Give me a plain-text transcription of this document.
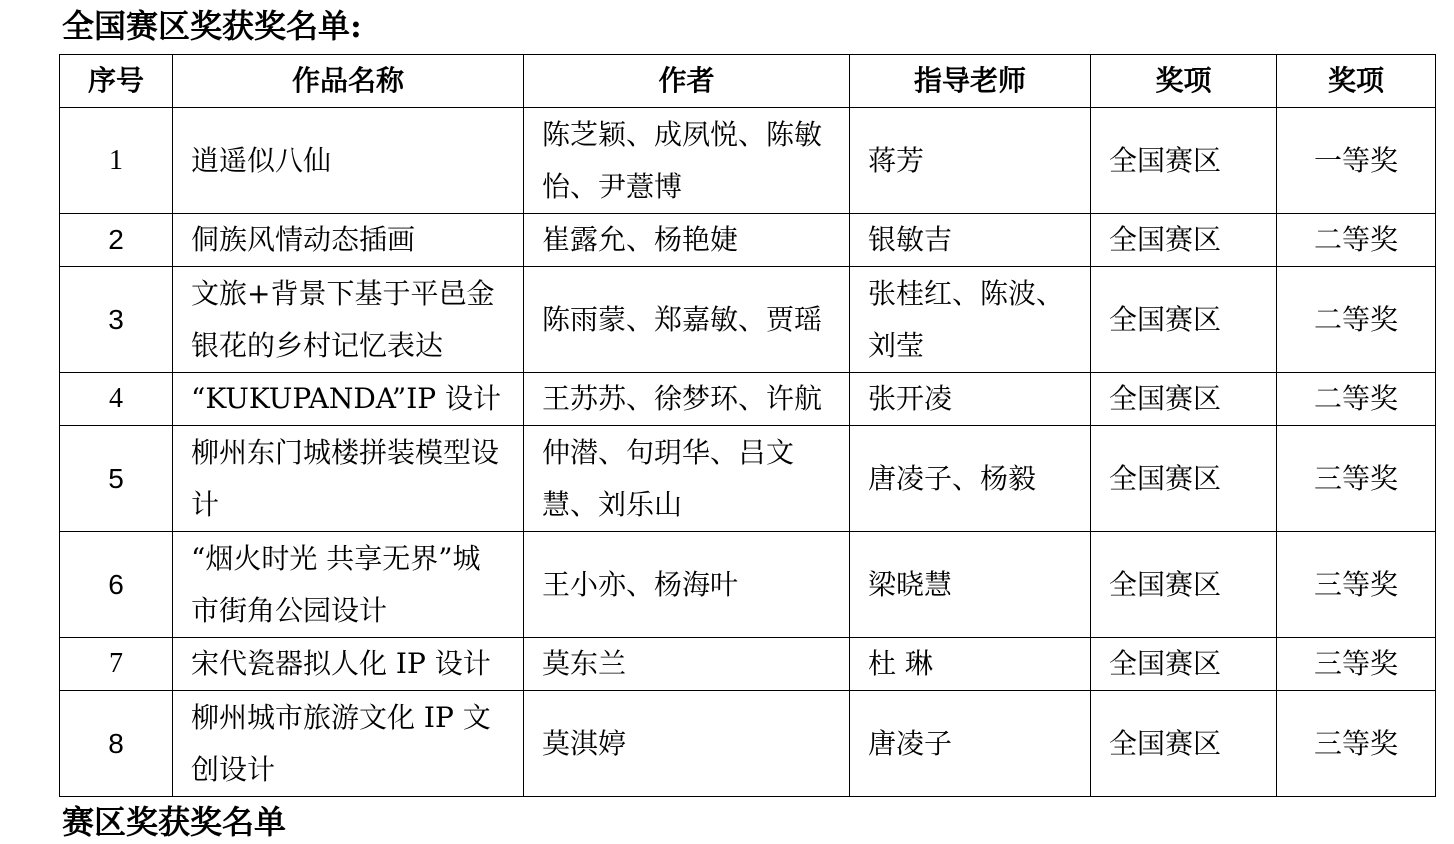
全国赛区奖获奖名单:
序号	作品名称	作者	指导老师	奖项	奖项
1	逍遥似八仙	陈芝颖、成夙悦、陈敏怡、尹薏博	蒋芳	全国赛区	一等奖
2	侗族风情动态插画	崔露允、杨艳婕	银敏吉	全国赛区	二等奖
3	文旅+背景下基于平邑金银花的乡村记忆表达	陈雨蒙、郑嘉敏、贾瑶	张桂红、陈波、刘莹	全国赛区	二等奖
4	“KUKUPANDA”IP 设计	王苏苏、徐梦环、许航	张开凌	全国赛区	二等奖
5	柳州东门城楼拼装模型设计	仲潜、句玥华、吕文慧、刘乐山	唐凌子、杨毅	全国赛区	三等奖
6	“烟火时光 共享无界”城市街角公园设计	王小亦、杨海叶	梁晓慧	全国赛区	三等奖
7	宋代瓷器拟人化 IP 设计	莫东兰	杜 琳	全国赛区	三等奖
8	柳州城市旅游文化 IP 文创设计	莫淇婷	唐凌子	全国赛区	三等奖
赛区奖获奖名单
